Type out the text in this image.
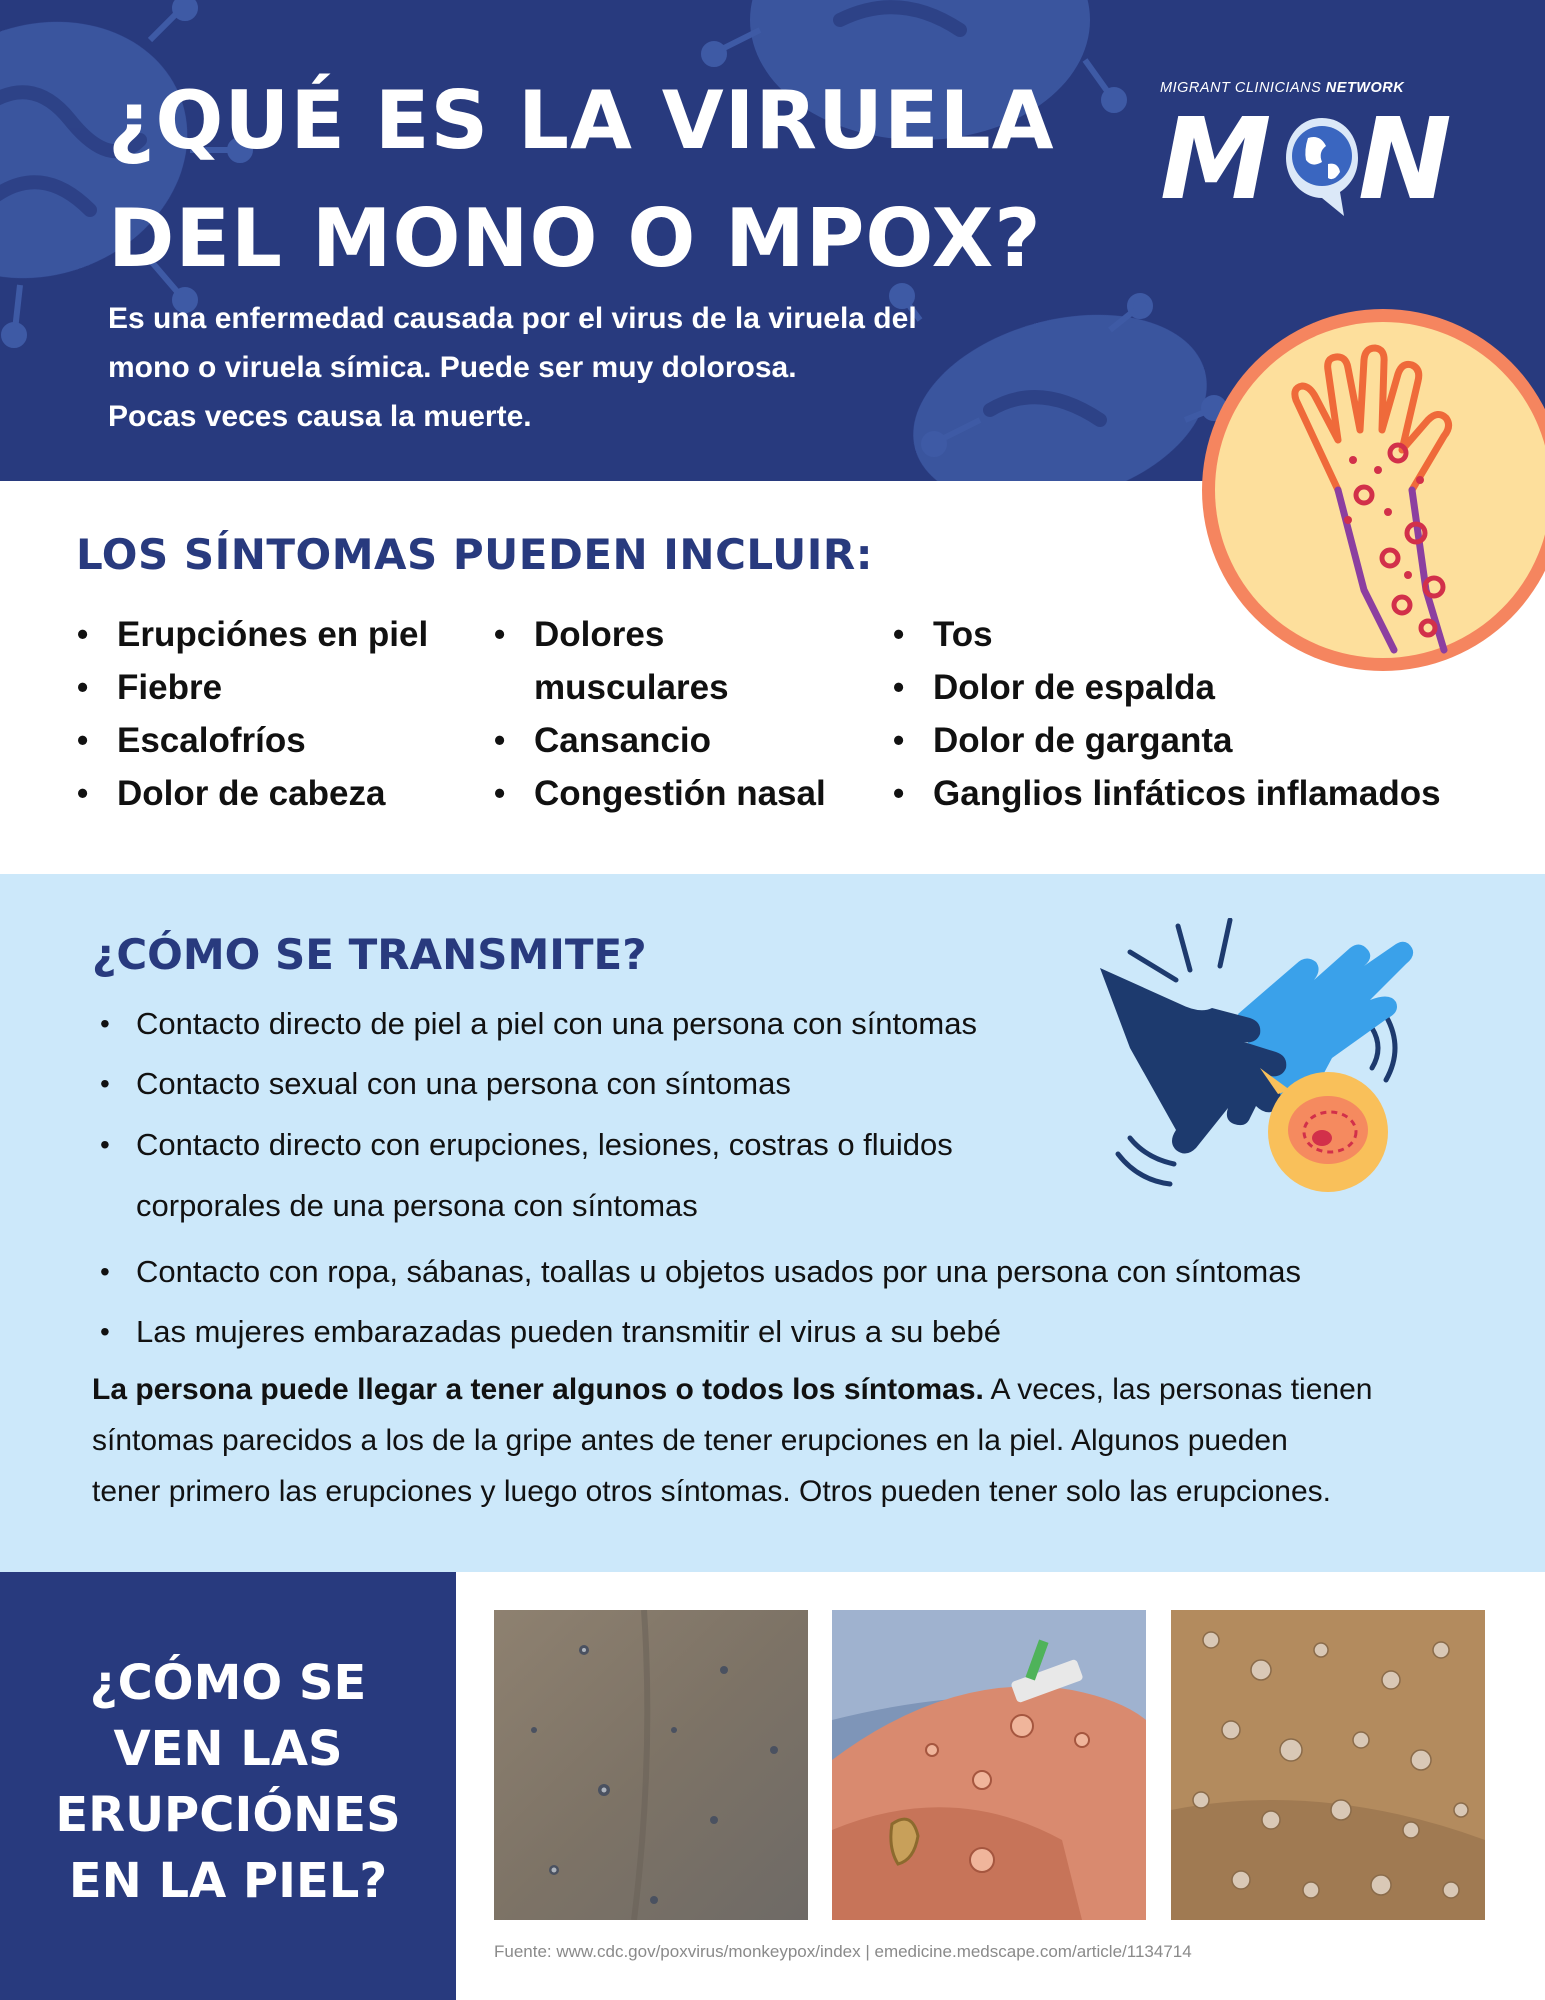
¿QUÉ ES LA VIRUELA
DEL MONO O MPOX?
Es una enfermedad causada por el virus de la viruela del
mono o viruela símica. Puede ser muy dolorosa.
Pocas veces causa la muerte.
MIGRANT CLINICIANS NETWORK
M N
LOS SÍNTOMAS PUEDEN INCLUIR:
• Erupciónes en piel
• Fiebre
• Escalofríos
• Dolor de cabeza
• Dolores
musculares
• Cansancio
• Congestión nasal
• Tos
• Dolor de espalda
• Dolor de garganta
• Ganglios linfáticos inflamados
¿CÓMO SE TRANSMITE?
• Contacto directo de piel a piel con una persona con síntomas
• Contacto sexual con una persona con síntomas
• Contacto directo con erupciones, lesiones, costras o fluidos
corporales de una persona con síntomas
• Contacto con ropa, sábanas, toallas u objetos usados por una persona con síntomas
• Las mujeres embarazadas pueden transmitir el virus a su bebé
La persona puede llegar a tener algunos o todos los síntomas. A veces, las personas tienen
síntomas parecidos a los de la gripe antes de tener erupciones en la piel. Algunos pueden
tener primero las erupciones y luego otros síntomas. Otros pueden tener solo las erupciones.
¿CÓMO SE
VEN LAS
ERUPCIÓNES
EN LA PIEL?
Fuente: www.cdc.gov/poxvirus/monkeypox/index | emedicine.medscape.com/article/1134714
